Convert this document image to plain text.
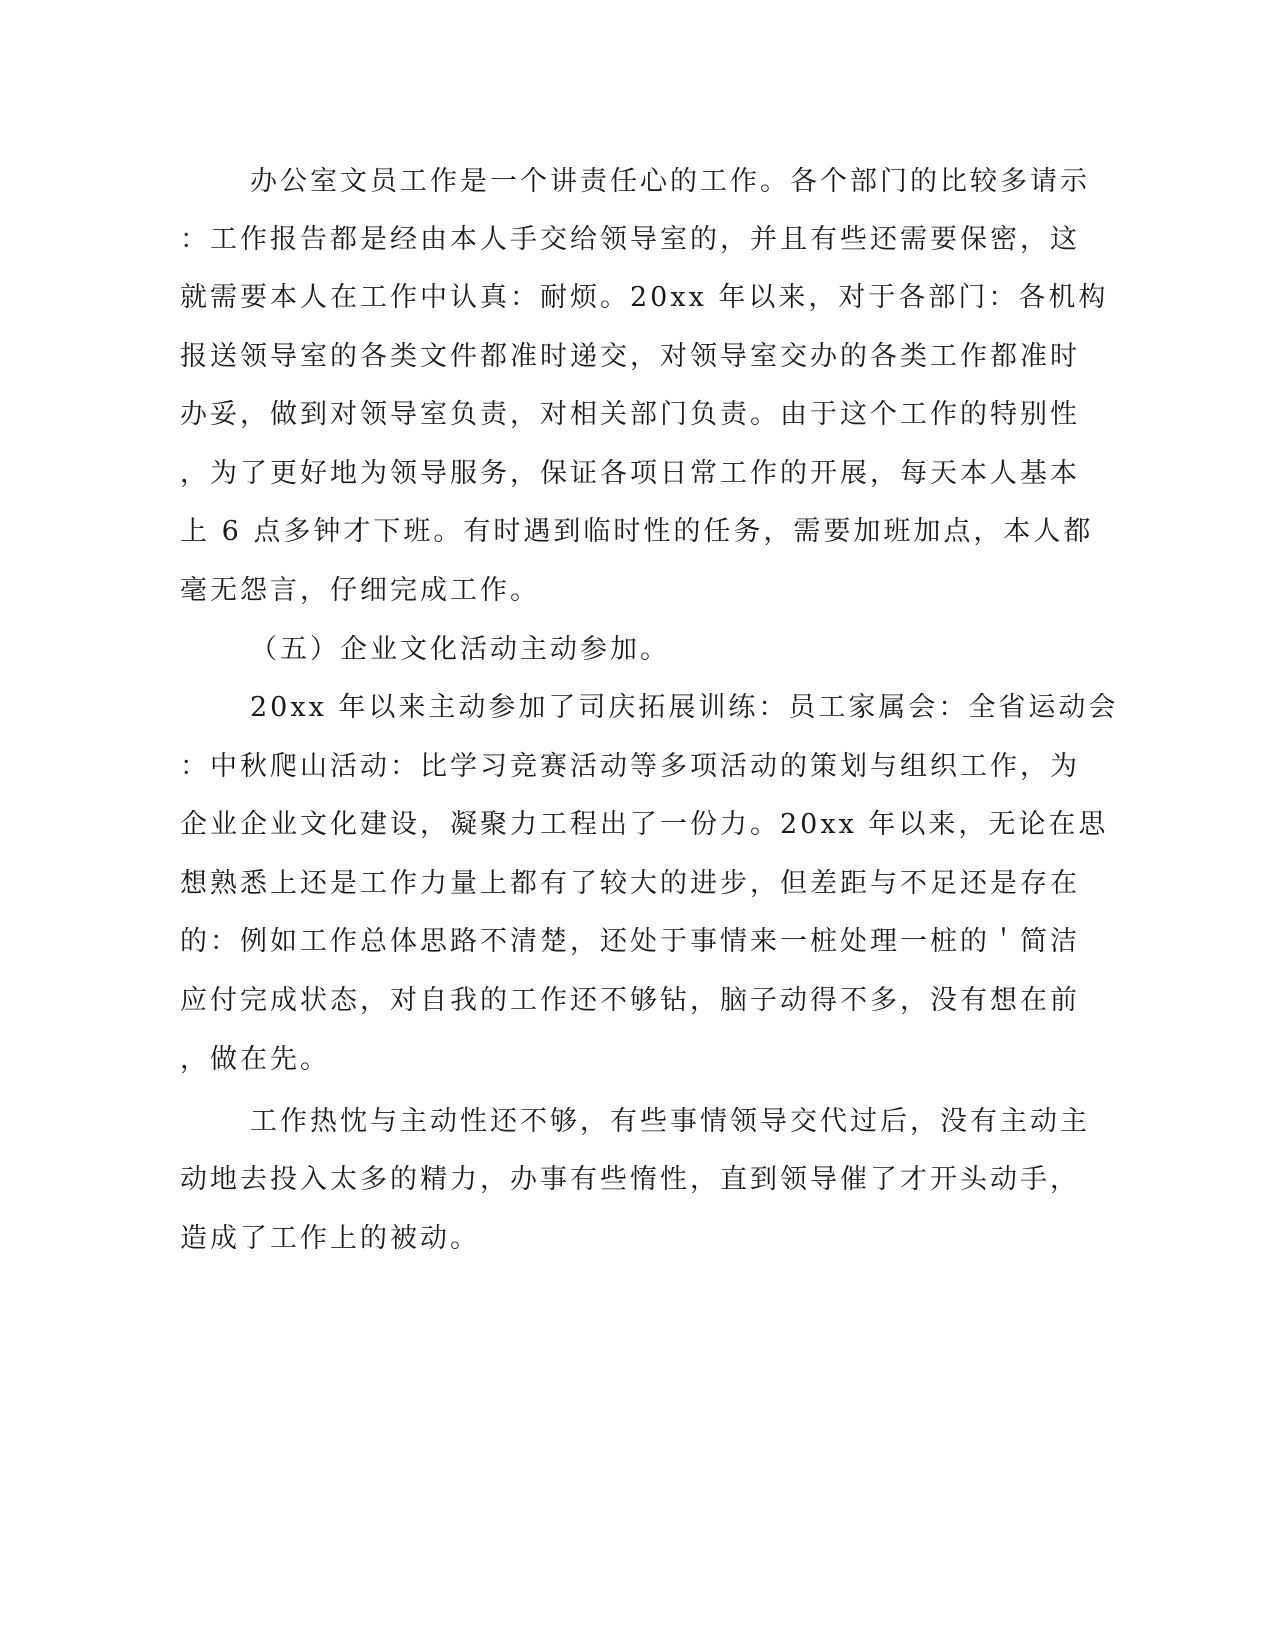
办公室文员工作是一个讲责任心的工作。各个部门的比较多请示
：工作报告都是经由本人手交给领导室的，并且有些还需要保密，这
就需要本人在工作中认真：耐烦。20xx 年以来，对于各部门：各机构
报送领导室的各类文件都准时递交，对领导室交办的各类工作都准时
办妥，做到对领导室负责，对相关部门负责。由于这个工作的特别性
，为了更好地为领导服务，保证各项日常工作的开展，每天本人基本
上 6 点多钟才下班。有时遇到临时性的任务，需要加班加点，本人都
毫无怨言，仔细完成工作。
（五）企业文化活动主动参加。
20xx 年以来主动参加了司庆拓展训练：员工家属会：全省运动会
：中秋爬山活动：比学习竞赛活动等多项活动的策划与组织工作，为
企业企业文化建设，凝聚力工程出了一份力。20xx 年以来，无论在思
想熟悉上还是工作力量上都有了较大的进步，但差距与不足还是存在
的：例如工作总体思路不清楚，还处于事情来一桩处理一桩的＇简洁
应付完成状态，对自我的工作还不够钻，脑子动得不多，没有想在前
，做在先。
工作热忱与主动性还不够，有些事情领导交代过后，没有主动主
动地去投入太多的精力，办事有些惰性，直到领导催了才开头动手，
造成了工作上的被动。
